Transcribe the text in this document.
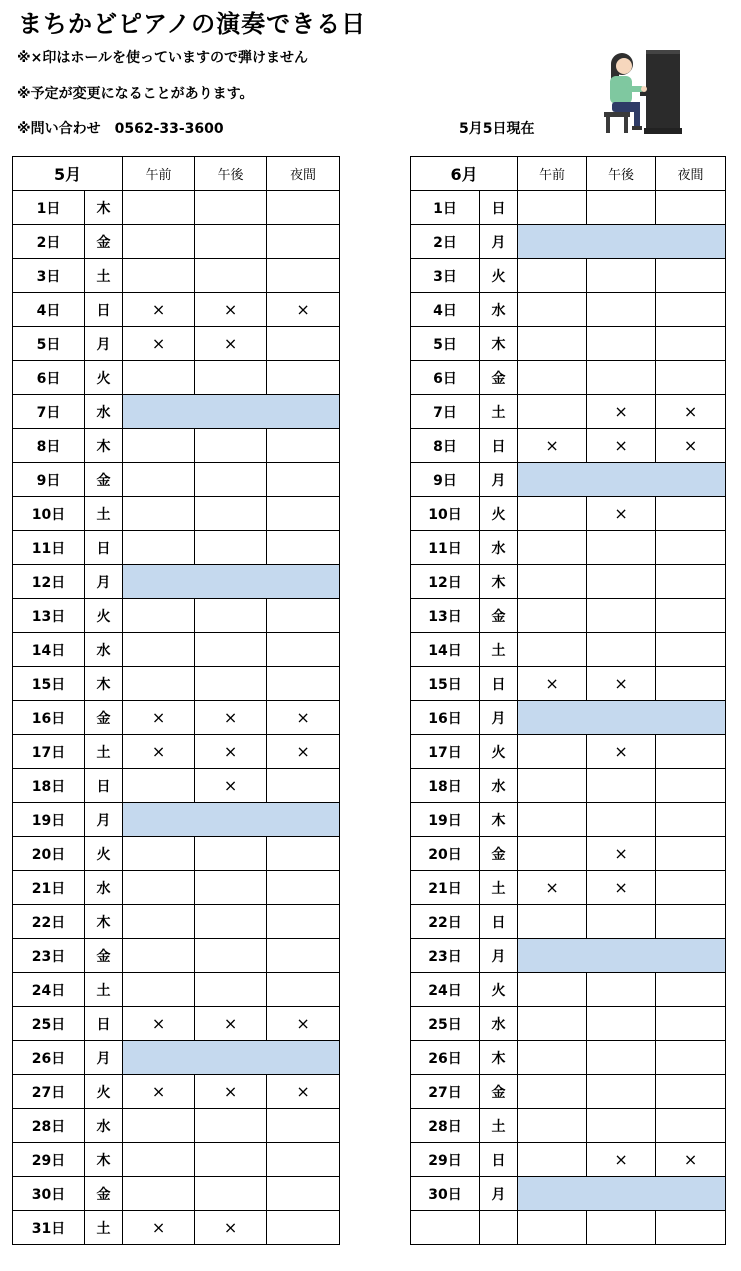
まちかどピアノの演奏できる日
※×印はホールを使っていますので弾けません
※予定が変更になることがあります。
※問い合わせ　0562-33-3600	5月5日現在
5月		午前	午後	夜間
1日	木			
2日	金			
3日	土			
4日	日	×	×	×
5日	月	×	×	
6日	火			
7日	水			
8日	木			
9日	金			
10日	土			
11日	日			
12日	月			
13日	火			
14日	水			
15日	木			
16日	金	×	×	×
17日	土	×	×	×
18日	日		×	
19日	月			
20日	火			
21日	水			
22日	木			
23日	金			
24日	土			
25日	日	×	×	×
26日	月			
27日	火	×	×	×
28日	水			
29日	木			
30日	金			
31日	土	×	×	
6月		午前	午後	夜間
1日	日			
2日	月			
3日	火			
4日	水			
5日	木			
6日	金			
7日	土		×	×
8日	日	×	×	×
9日	月			
10日	火		×	
11日	水			
12日	木			
13日	金			
14日	土			
15日	日	×	×	
16日	月			
17日	火		×	
18日	水			
19日	木			
20日	金		×	
21日	土	×	×	
22日	日			
23日	月			
24日	火			
25日	水			
26日	木			
27日	金			
28日	土			
29日	日		×	×
30日	月			
